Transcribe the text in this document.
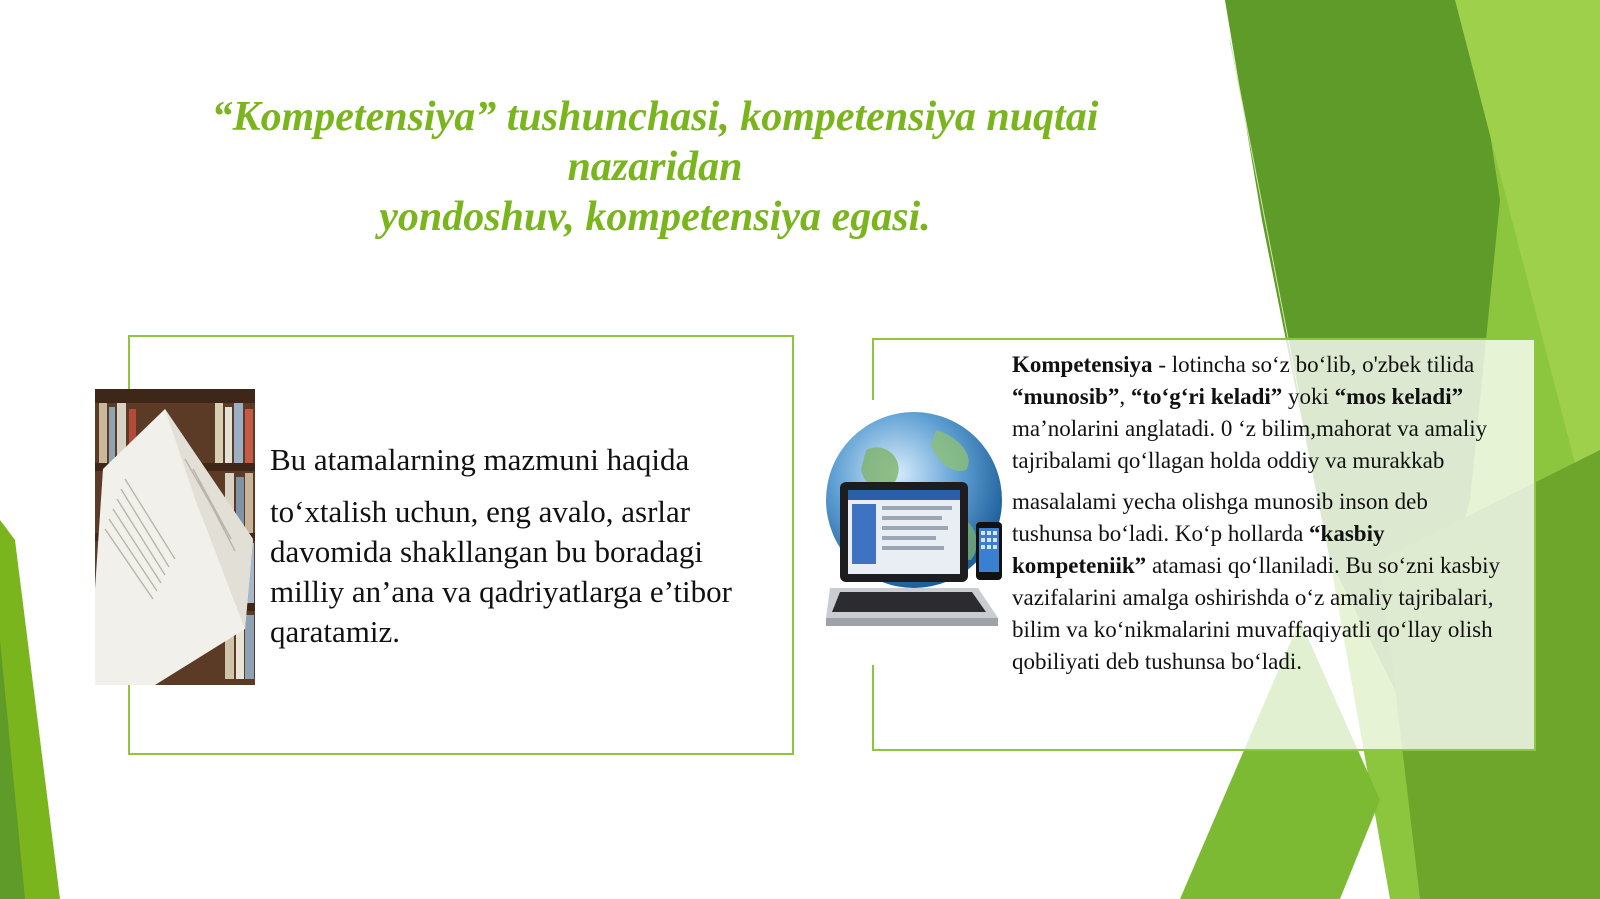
“Kompetensiya” tushunchasi, kompetensiya nuqtai
nazaridan
yondoshuv, kompetensiya egasi.

Bu atamalarning mazmuni haqida

to‘xtalish uchun, eng avalo, asrlar davomida shakllangan bu boradagi milliy an’ana va qadriyatlarga e’tibor qaratamiz.

Kompetensiya - lotincha so‘z bo‘lib, o'zbek tilida “munosib”, “to‘g‘ri keladi” yoki “mos keladi” ma’nolarini anglatadi. 0 ‘z bilim,mahorat va amaliy tajribalami qo‘llagan holda oddiy va murakkab

masalalami yecha olishga munosib inson deb tushunsa bo‘ladi. Ko‘p hollarda “kasbiy kompeteniik” atamasi qo‘llaniladi. Bu so‘zni kasbiy vazifalarini amalga oshirishda o‘z amaliy tajribalari, bilim va ko‘nikmalarini muvaffaqiyatli qo‘llay olish qobiliyati deb tushunsa bo‘ladi.
